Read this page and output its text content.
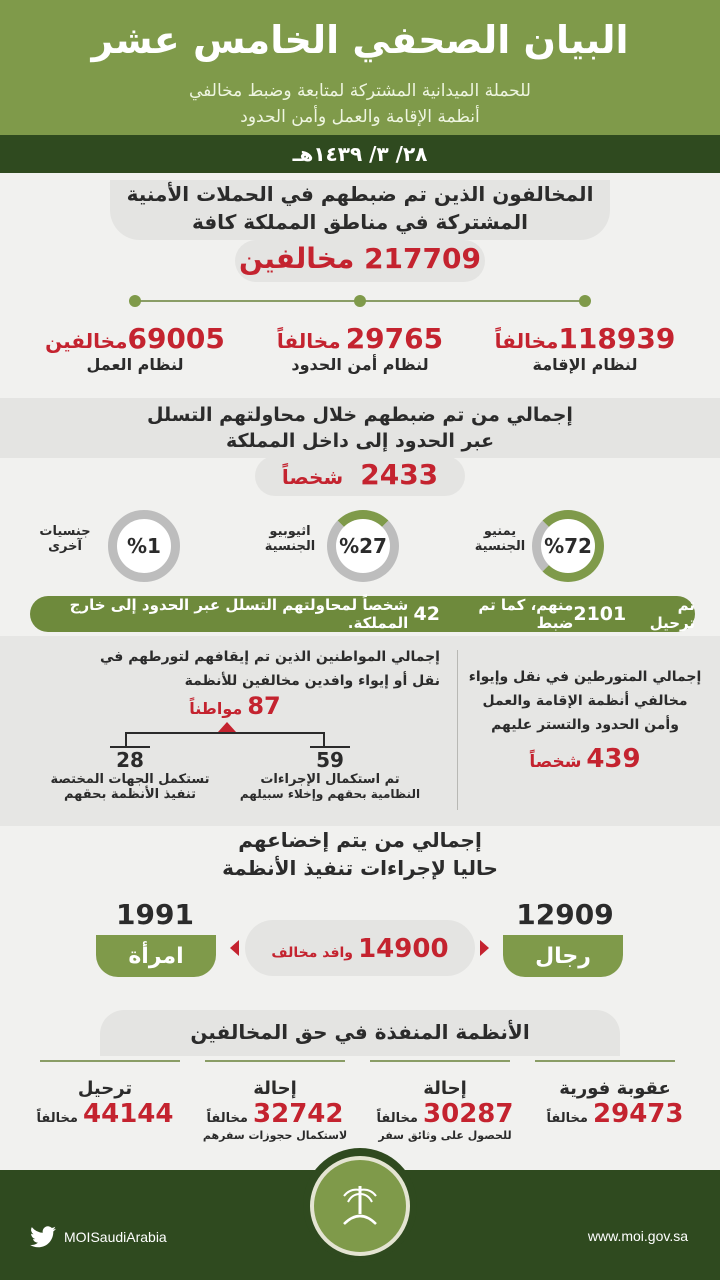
البيان الصحفي الخامس عشر
للحملة الميدانية المشتركة لمتابعة وضبط مخالفي
أنظمة الإقامة والعمل وأمن الحدود
٢٨/ ٣/ ١٤٣٩هـ
المخالفون الذين تم ضبطهم في الحملات الأمنية
المشتركة في مناطق المملكة كافة
217709 مخالفين
118939مخالفاً
لنظام الإقامة
29765 مخالفاً
لنظام أمن الحدود
69005مخالفين
لنظام العمل
إجمالي من تم ضبطهم خلال محاولتهم التسلل
عبر الحدود إلى داخل المملكة
2433 شخصاً
%72
يمنيو
الجنسية
%27
اثيوبيو
الجنسية
%1
جنسيات
آخرى
تم ترحيل

2101
منهم، كما تم ضبط

42

شخصاً لمحاولتهم التسلل عبر الحدود إلى خارج المملكة.
إجمالي المتورطين في نقل وإيواء
مخالفي أنظمة الإقامة والعمل
وأمن الحدود والتستر عليهم
439 شخصاً
إجمالي المواطنين الذين تم إيقافهم لتورطهم في
نقل أو إيواء وافدين مخالفين للأنظمة
87 مواطناً
59
تم استكمال الإجراءات
النظامية بحقهم وإخلاء سبيلهم
28
تستكمل الجهات المختصة
تنفيذ الأنظمة بحقهم
إجمالي من يتم إخضاعهم
حاليا لإجراءات تنفيذ الأنظمة
12909
رجال
1991
امرأة	14900 وافد مخالف
الأنظمة المنفذة في حق المخالفين
عقوبة فورية
29473 مخالفاً
إحالة
30287 مخالفاً
للحصول على وثائق سفر
إحالة
32742 مخالفاً
لاستكمال حجوزات سفرهم
ترحيل
44144 مخالفاً
MOISaudiArabia	www.moi.gov.sa
